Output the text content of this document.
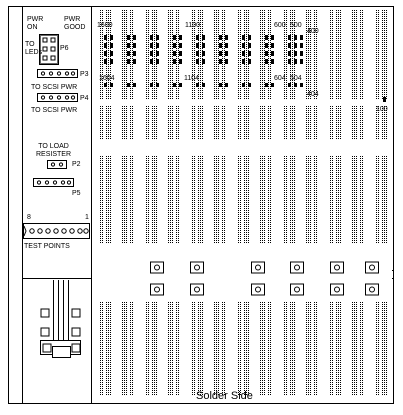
PWR
ON
PWR
GOOD
TO
LEDs
P6
P3
TO SCSI PWR
P4
TO SCSI PWR
TO LOAD
RESISTER
P2
P5
8	1
TEST POINTS
1600	1100	600 500
400
1604	1104	604 504
404
100
Solder Side
